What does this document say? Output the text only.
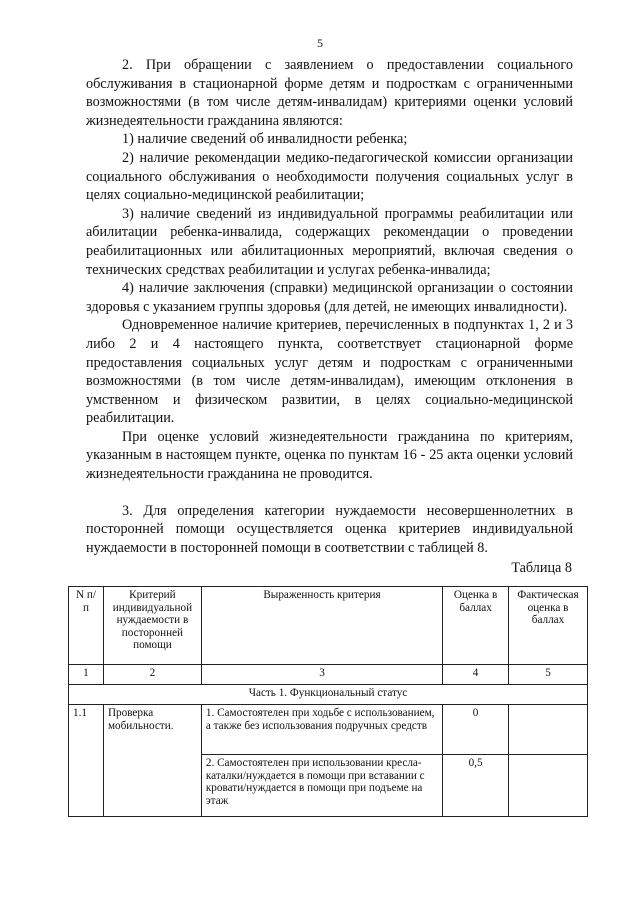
5

2. При обращении с заявлением о предоставлении социального обслуживания в стационарной форме детям и подросткам с ограниченными возможностями (в том числе детям-инвалидам) критериями оценки условий жизнедеятельности гражданина являются:

1) наличие сведений об инвалидности ребенка;

2) наличие рекомендации медико-педагогической комиссии организации социального обслуживания о необходимости получения социальных услуг в целях социально-медицинской реабилитации;

3) наличие сведений из индивидуальной программы реабилитации или абилитации ребенка-инвалида, содержащих рекомендации о проведении реабилитационных или абилитационных мероприятий, включая сведения о технических средствах реабилитации и услугах ребенка-инвалида;

4) наличие заключения (справки) медицинской организации о состоянии здоровья с указанием группы здоровья (для детей, не имеющих инвалидности).

Одновременное наличие критериев, перечисленных в подпунктах 1, 2 и 3 либо 2 и 4 настоящего пункта, соответствует стационарной форме предоставления социальных услуг детям и подросткам с ограниченными возможностями (в том числе детям-инвалидам), имеющим отклонения в умственном и физическом развитии, в целях социально-медицинской реабилитации.

При оценке условий жизнедеятельности гражданина по критериям, указанным в настоящем пункте, оценка по пунктам 16 - 25 акта оценки условий жизнедеятельности гражданина не проводится.

3. Для определения категории нуждаемости несовершеннолетних в посторонней помощи осуществляется оценка критериев индивидуальной нуждаемости в посторонней помощи в соответствии с таблицей 8.

Таблица 8
N п/п	Критерий индивидуальной нуждаемости в посторонней помощи	Выраженность критерия	Оценка в баллах	Фактическая оценка в баллах
1	2	3	4	5
Часть 1. Функциональный статус				
1.1	Проверка мобильности.	1. Самостоятелен при ходьбе с использованием, а также без использования подручных средств	0	
		2. Самостоятелен при использовании кресла-каталки/нуждается в помощи при вставании с кровати/нуждается в помощи при подъеме на этаж	0,5	
